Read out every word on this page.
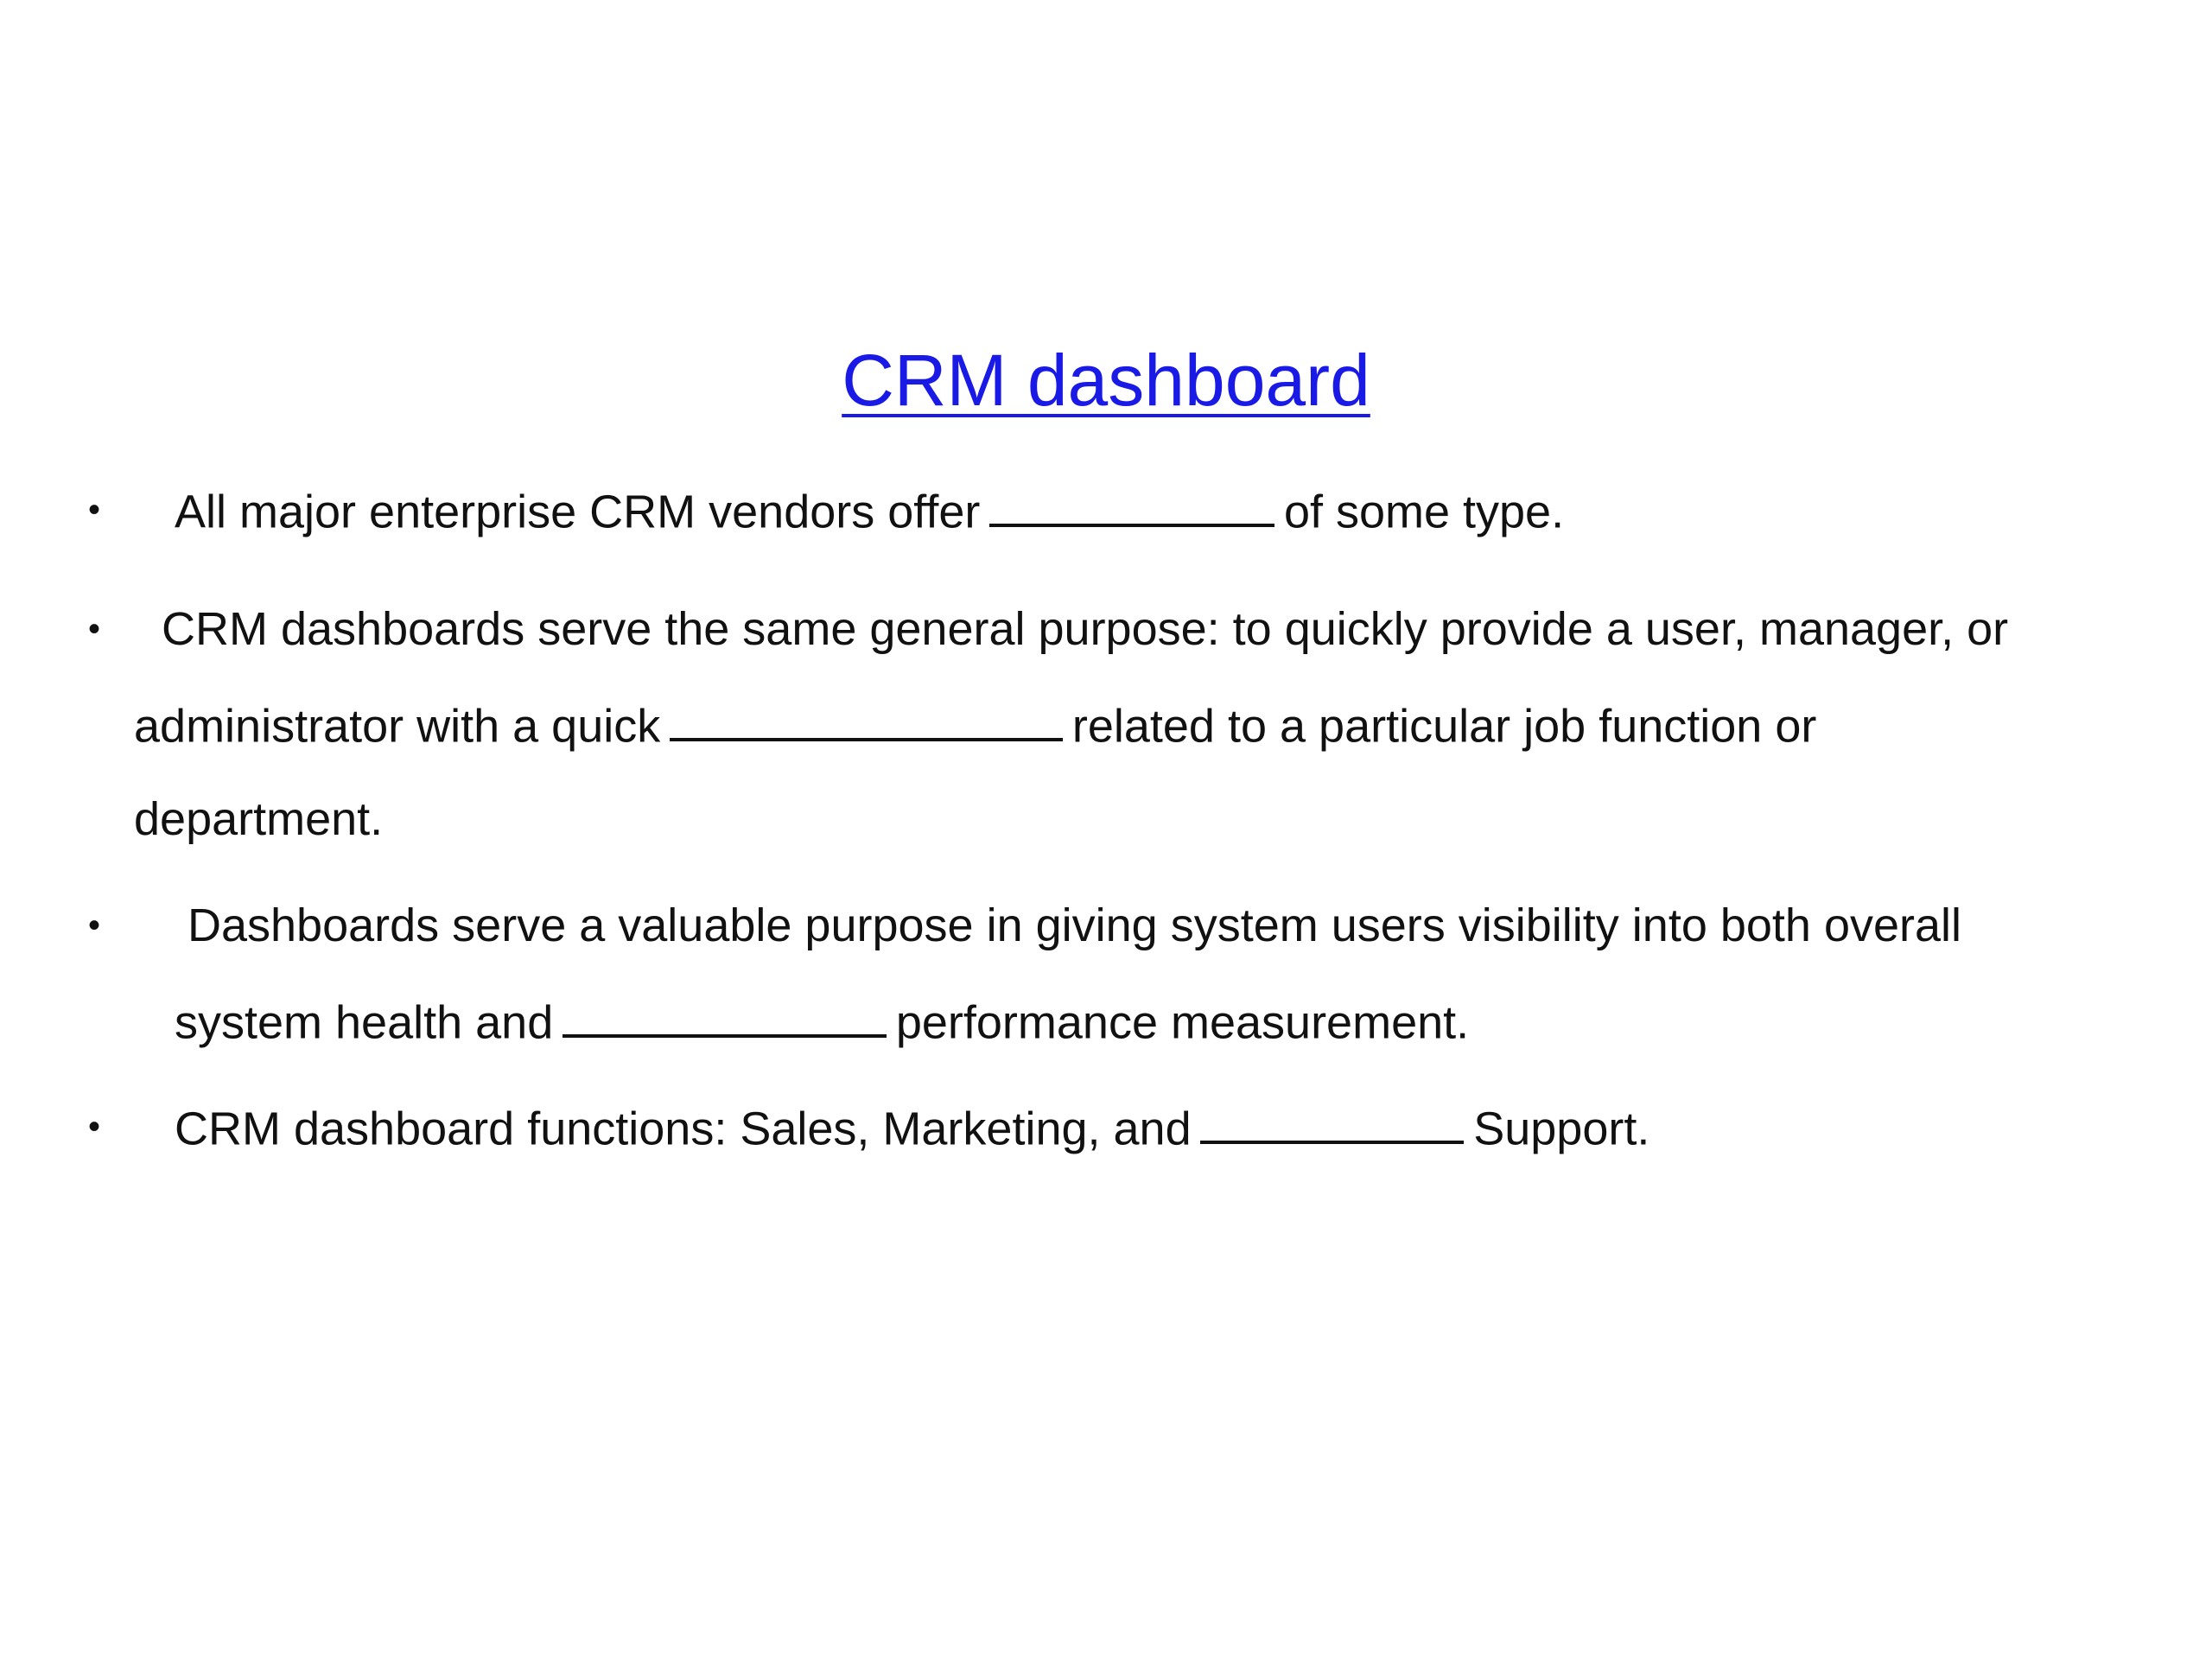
CRM dashboard
• All major enterprise CRM vendors offer	of some type.
• CRM dashboards serve the same general purpose: to quickly provide a user, manager, or
administrator with a quick	related to a particular job function or
department.
• Dashboards serve a valuable purpose in giving system users visibility into both overall
system health and	performance measurement.
• CRM dashboard functions: Sales, Marketing, and	Support.
